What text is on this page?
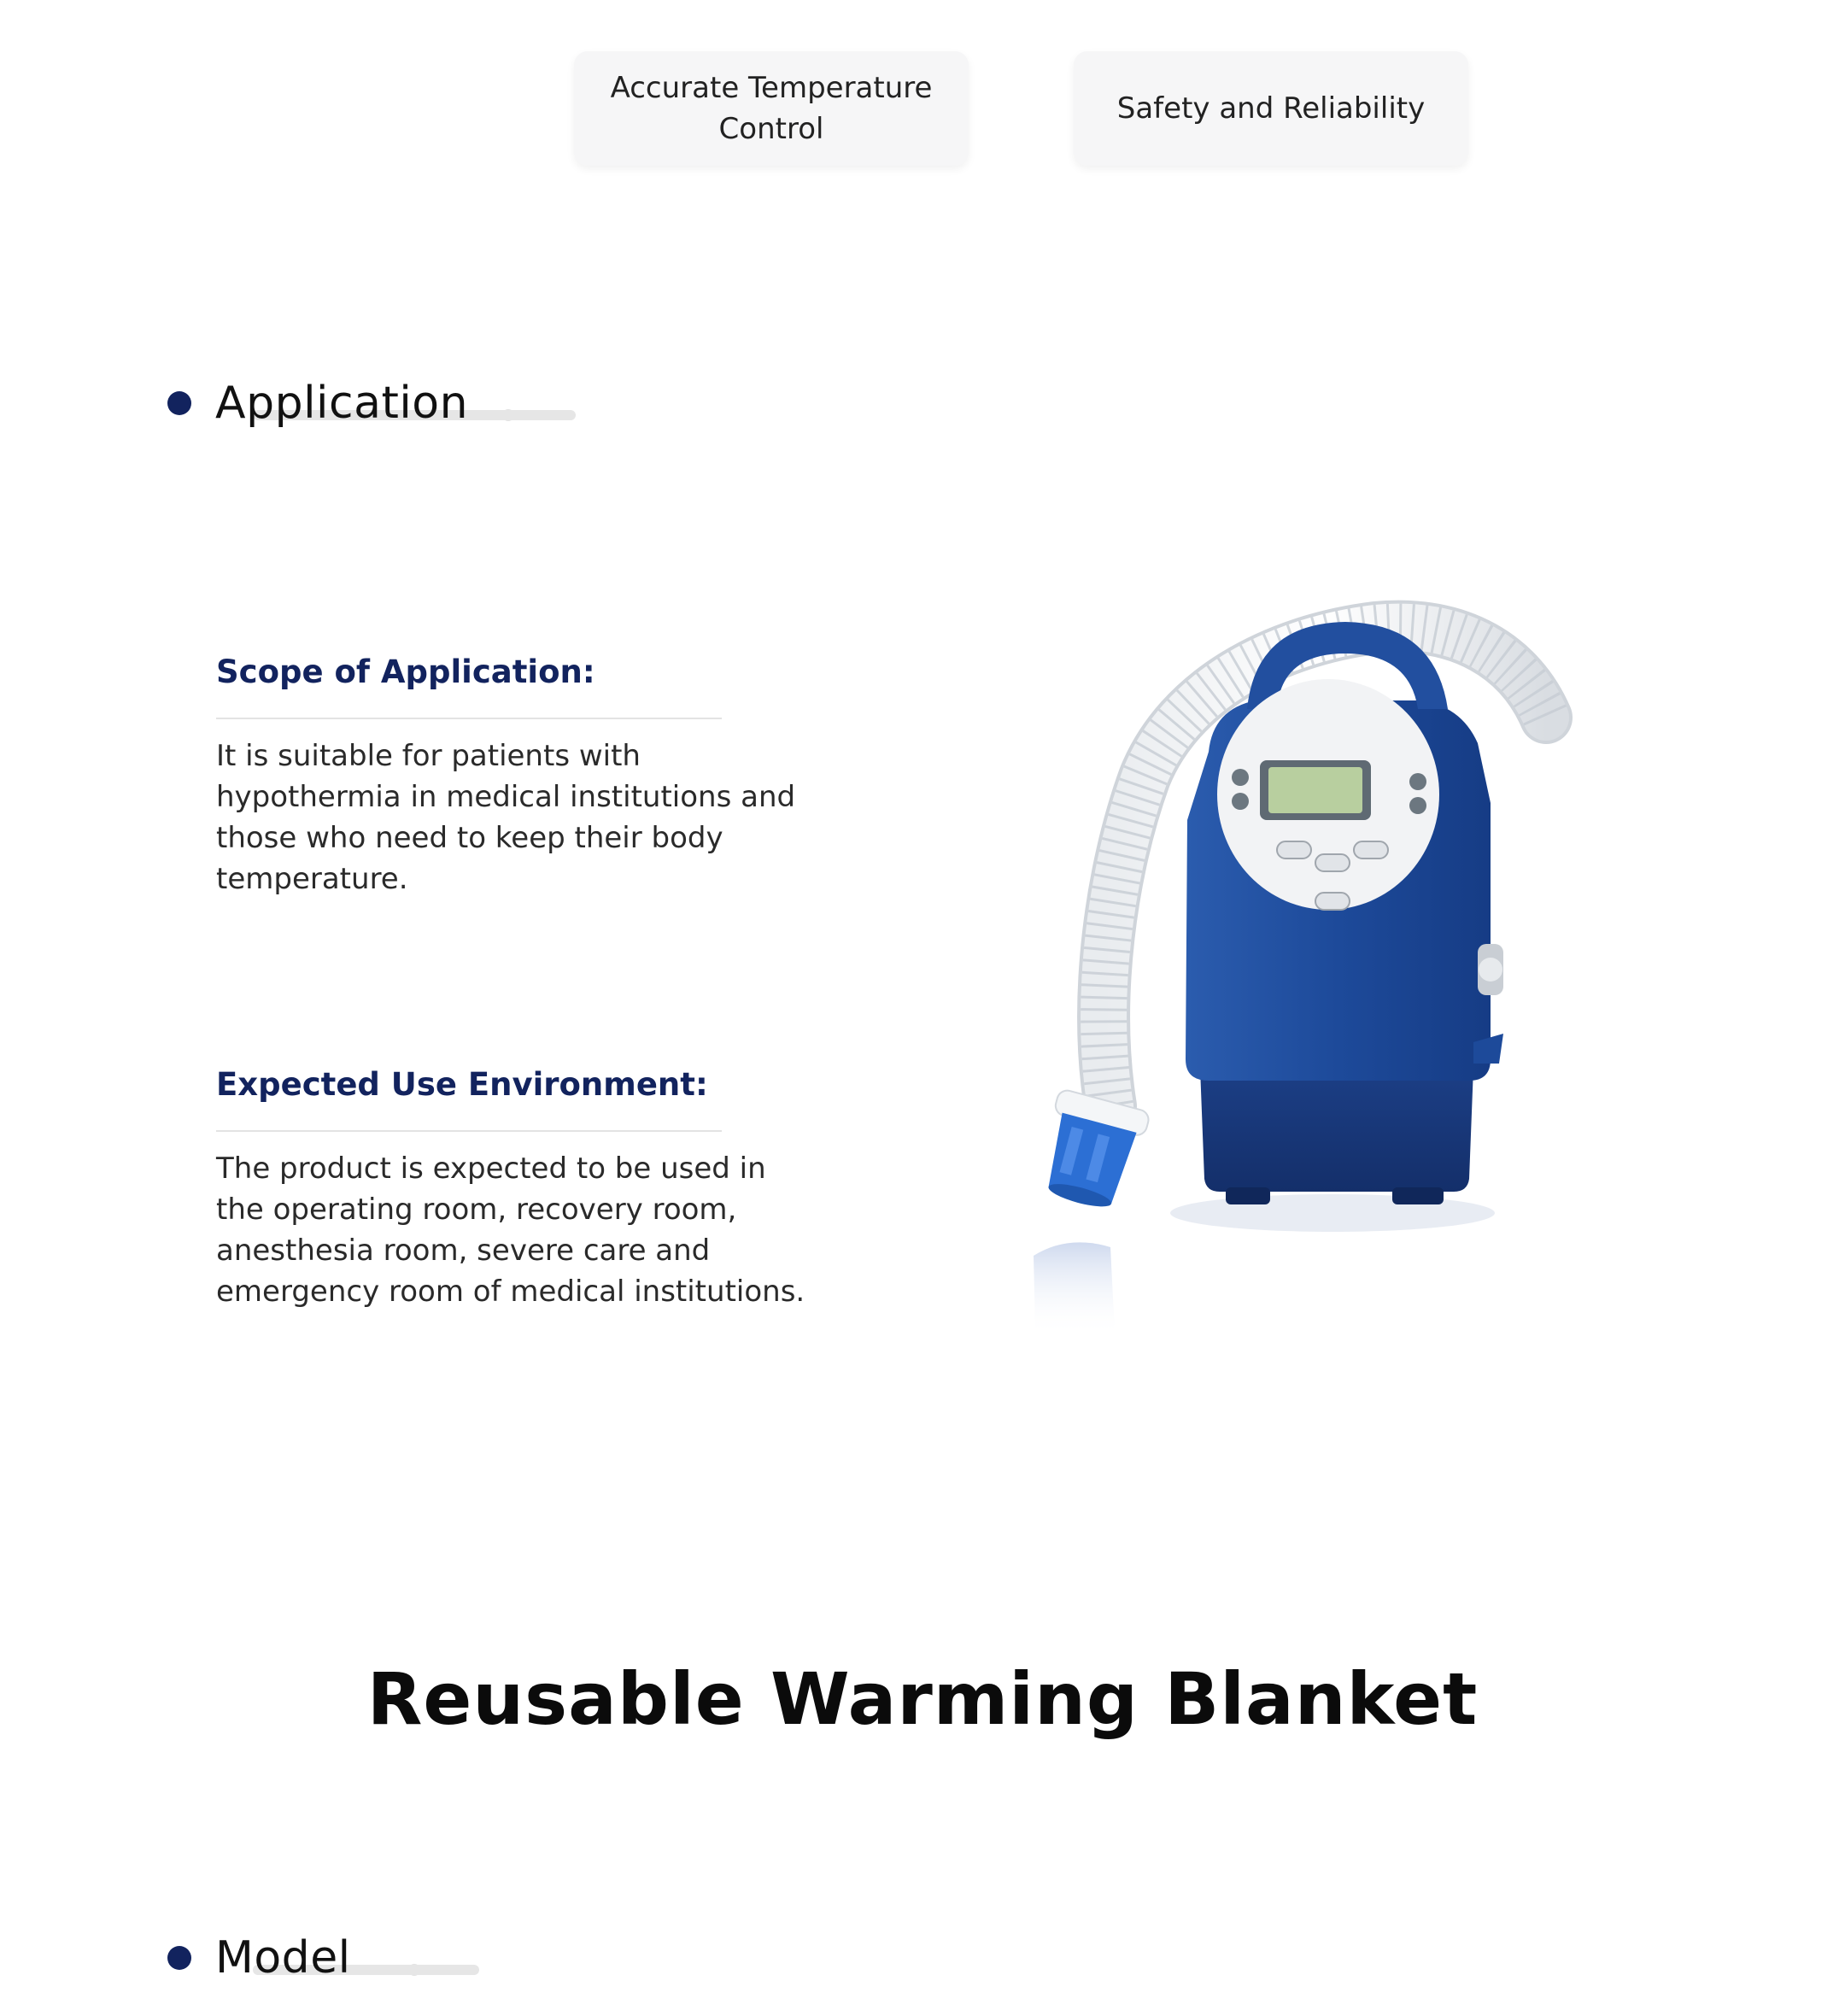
Accurate Temperature Control
Safety and Reliability
Application
Scope of Application:
It is suitable for patients with hypothermia in medical institutions and those who need to keep their body temperature.
Expected Use Environment:
The product is expected to be used in the operating room, recovery room, anesthesia room, severe care and emergency room of medical institutions.
Reusable Warming Blanket
Model
